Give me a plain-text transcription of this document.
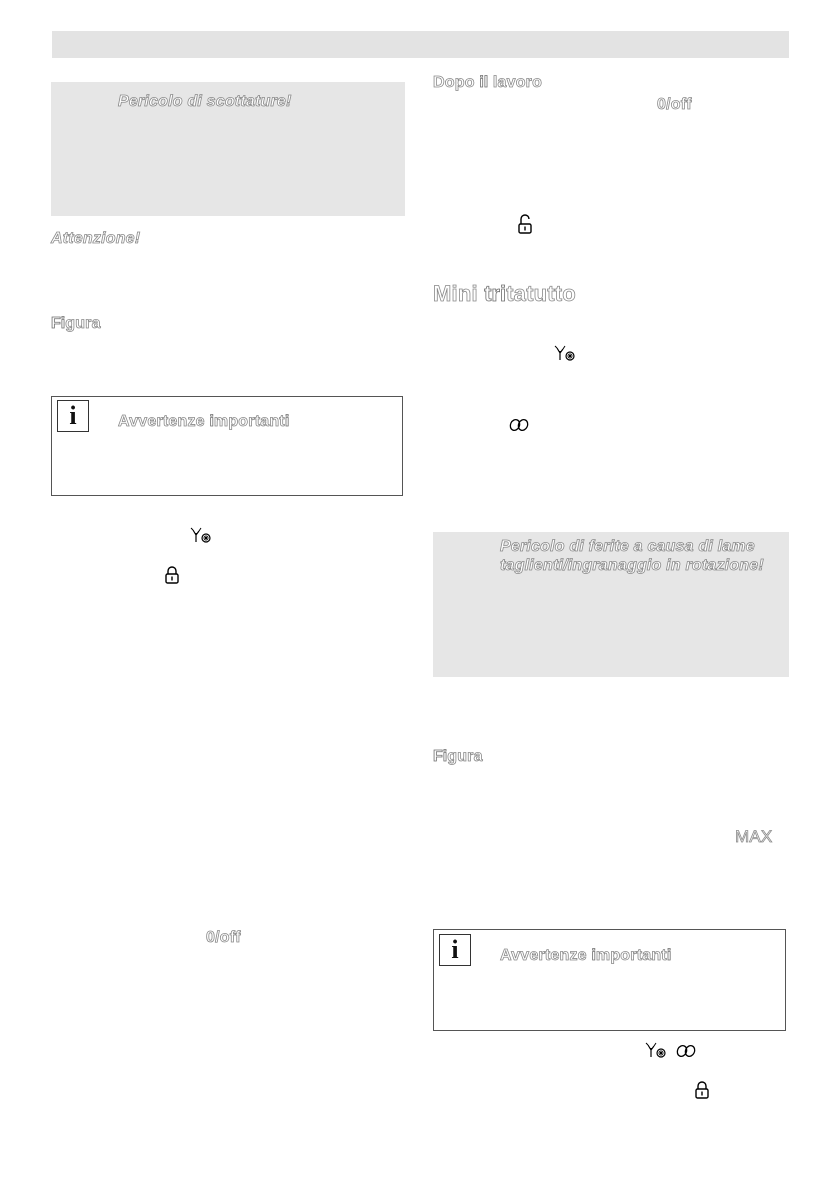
Pericolo di scottature!
Attenzione!
Figura
i	Avvertenze importanti
0/off
Dopo il lavoro
0/off
Mini tritatutto
Pericolo di ferite a causa di lame
taglienti/ingranaggio in rotazione!
Figura
MAX
i	Avvertenze importanti
